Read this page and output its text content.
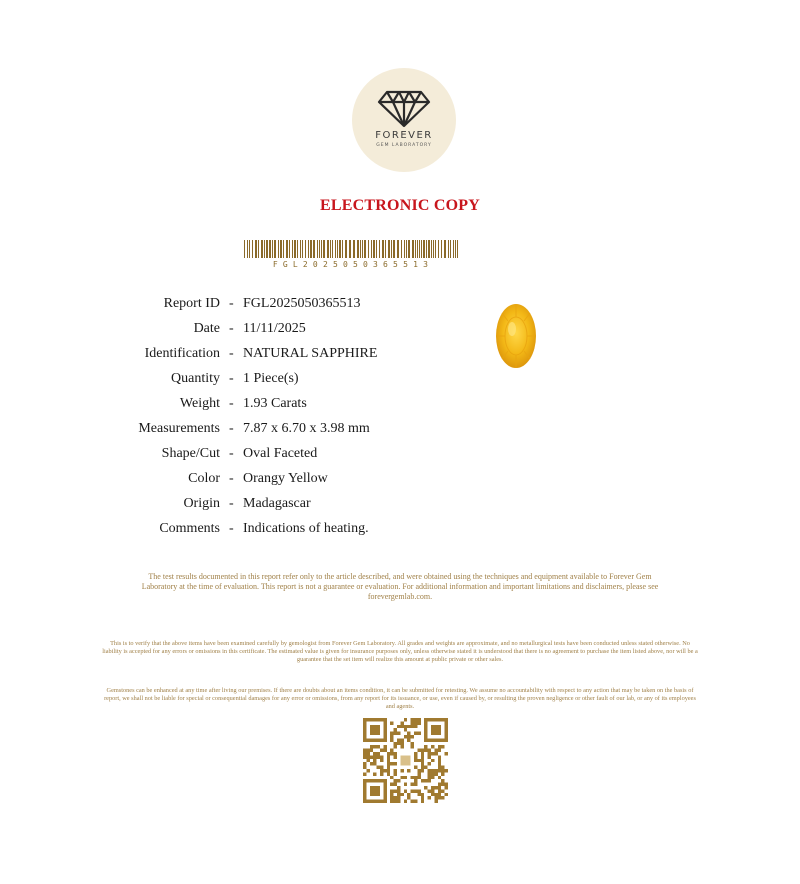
FOREVER
GEM LABORATORY
ELECTRONIC COPY
FGL2025050365513
Report ID - FGL2025050365513
Date - 11/11/2025
Identification - NATURAL SAPPHIRE
Quantity - 1 Piece(s)
Weight - 1.93 Carats
Measurements - 7.87 x 6.70 x 3.98 mm
Shape/Cut - Oval Faceted
Color - Orangy Yellow
Origin - Madagascar
Comments - Indications of heating.
The test results documented in this report refer only to the article described, and were obtained using the techniques and equipment available to Forever Gem Laboratory at the time of evaluation. This report is not a guarantee or evaluation. For additional information and important limitations and disclaimers, please see forevergemlab.com.
This is to verify that the above items have been examined carefully by gemologist from Forever Gem Laboratory. All grades and weights are approximate, and no metallurgical tests have been conducted unless stated otherwise. No liability is accepted for any errors or omissions in this certificate. The estimated value is given for insurance purposes only, unless otherwise stated it is understood that there is no agreement to purchase the item listed above, nor will be a guarantee that the set item will realize this amount at public private or other sales.
Gemstones can be enhanced at any time after living our premises. If there are doubts about an items condition, it can be submitted for retesting. We assume no accountability with respect to any action that may be taken on the basis of report, we shall not be liable for special or consequential damages for any error or omissions, from any report for its issuance, or use, even if caused by, or resulting the proven negligence or other fault of our lab, or any of its employees and agents.
